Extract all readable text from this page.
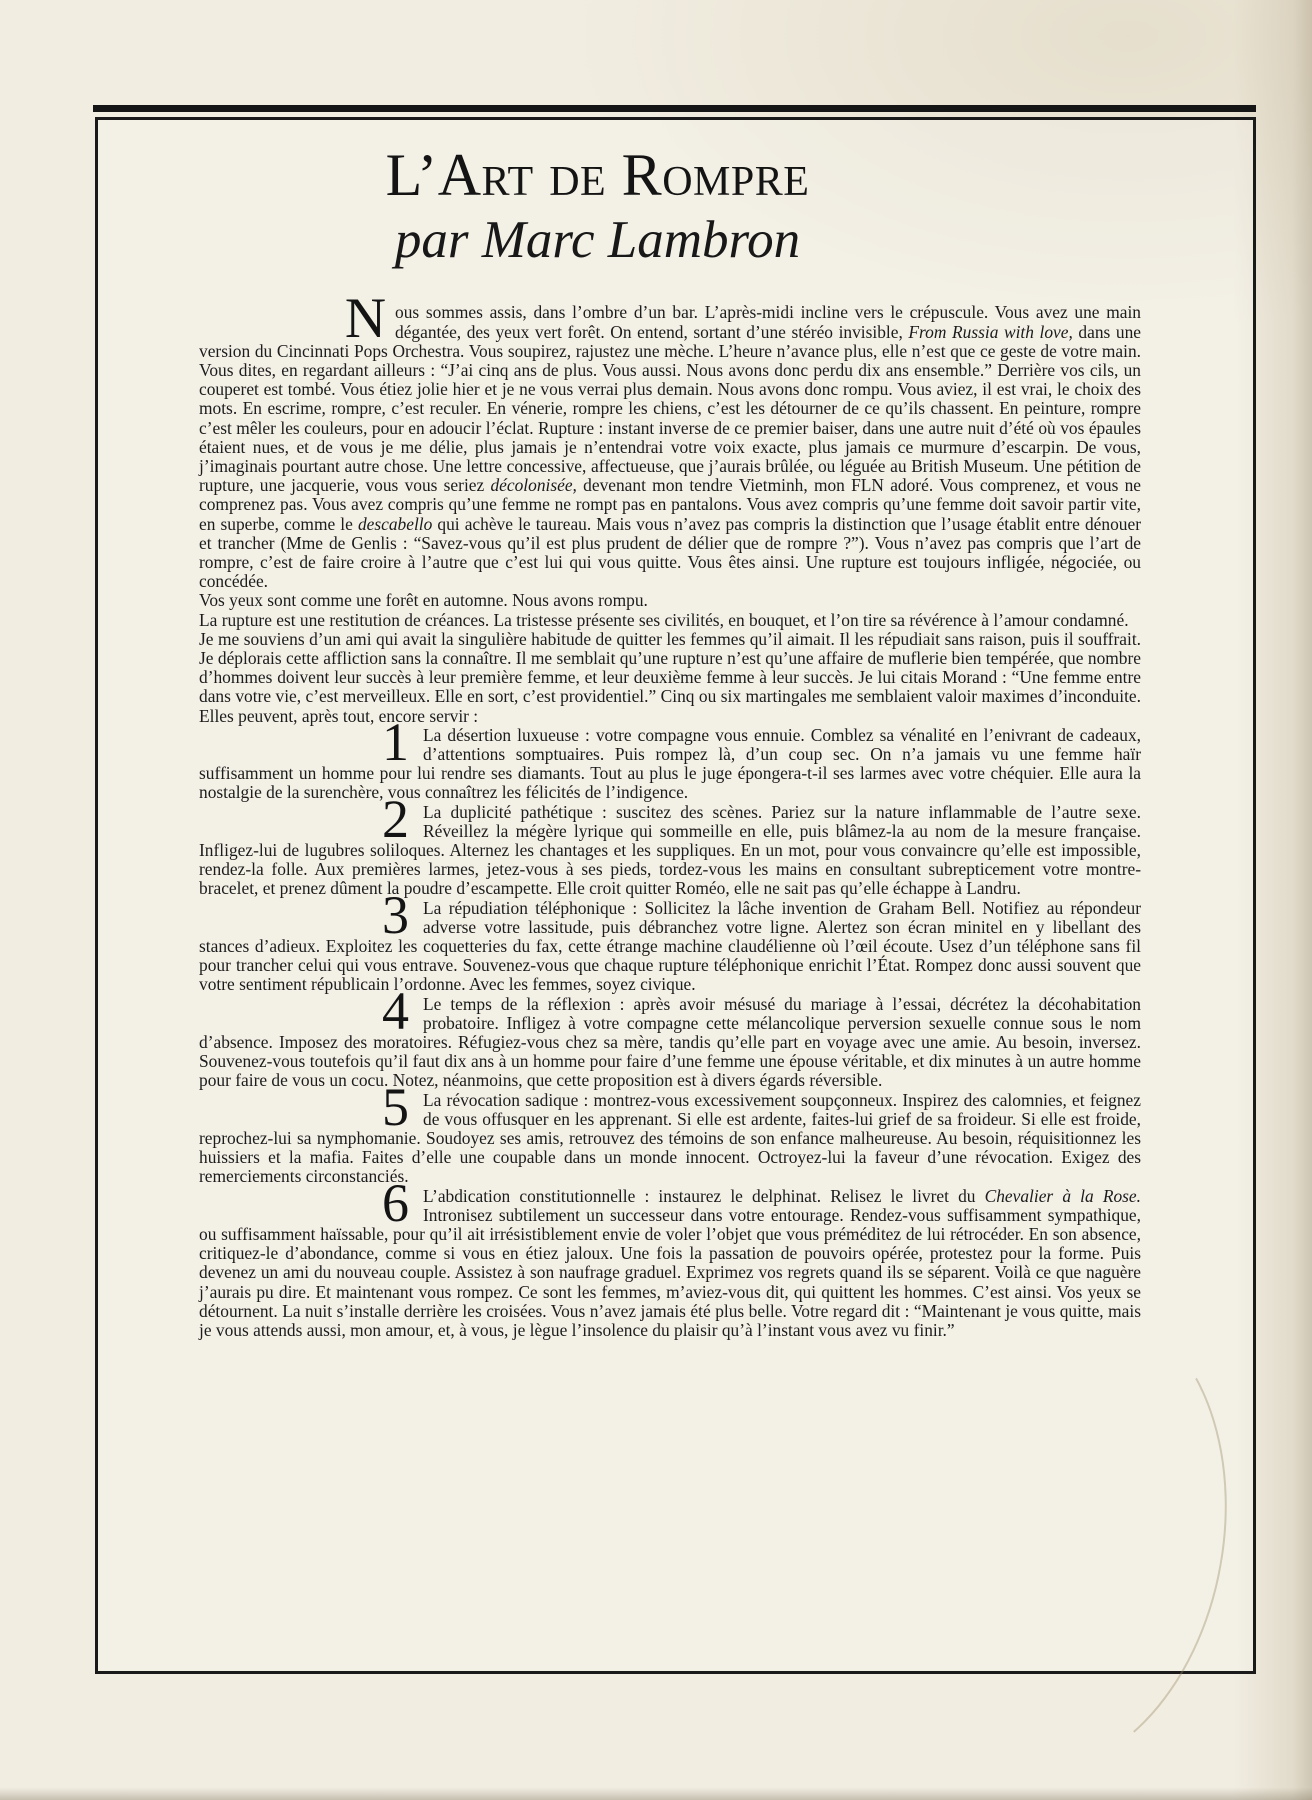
L’Art de Rompre
par Marc Lambron

N ous sommes assis, dans l’ombre d’un bar. L’après-midi incline vers le crépuscule. Vous avez une main dégantée, des yeux vert forêt. On entend, sortant d’une stéréo invisible, From Russia with love, dans une version du Cincinnati Pops Orchestra. Vous soupirez, rajustez une mèche. L’heure n’avance plus, elle n’est que ce geste de votre main. Vous dites, en regardant ailleurs : “J’ai cinq ans de plus. Vous aussi. Nous avons donc perdu dix ans ensemble.” Derrière vos cils, un couperet est tombé. Vous étiez jolie hier et je ne vous verrai plus demain. Nous avons donc rompu. Vous aviez, il est vrai, le choix des mots. En escrime, rompre, c’est reculer. En vénerie, rompre les chiens, c’est les détourner de ce qu’ils chassent. En peinture, rompre c’est mêler les couleurs, pour en adoucir l’éclat. Rupture : instant inverse de ce premier baiser, dans une autre nuit d’été où vos épaules étaient nues, et de vous je me délie, plus jamais je n’entendrai votre voix exacte, plus jamais ce murmure d’escarpin. De vous, j’imaginais pourtant autre chose. Une lettre concessive, affectueuse, que j’aurais brûlée, ou léguée au British Museum. Une pétition de rupture, une jacquerie, vous vous seriez décolonisée, devenant mon tendre Vietminh, mon FLN adoré. Vous comprenez, et vous ne comprenez pas. Vous avez compris qu’une femme ne rompt pas en pantalons. Vous avez compris qu’une femme doit savoir partir vite, en superbe, comme le descabello qui achève le taureau. Mais vous n’avez pas compris la distinction que l’usage établit entre dénouer et trancher (Mme de Genlis : “Savez-vous qu’il est plus prudent de délier que de rompre ?”). Vous n’avez pas compris que l’art de rompre, c’est de faire croire à l’autre que c’est lui qui vous quitte. Vous êtes ainsi. Une rupture est toujours infligée, négociée, ou concédée.

Vos yeux sont comme une forêt en automne. Nous avons rompu.

La rupture est une restitution de créances. La tristesse présente ses civilités, en bouquet, et l’on tire sa révérence à l’amour condamné.

Je me souviens d’un ami qui avait la singulière habitude de quitter les femmes qu’il aimait. Il les répudiait sans raison, puis il souffrait. Je déplorais cette affliction sans la connaître. Il me semblait qu’une rupture n’est qu’une affaire de muflerie bien tempérée, que nombre d’hommes doivent leur succès à leur première femme, et leur deuxième femme à leur succès. Je lui citais Morand : “Une femme entre dans votre vie, c’est merveilleux. Elle en sort, c’est providentiel.” Cinq ou six martingales me semblaient valoir maximes d’inconduite. Elles peuvent, après tout, encore servir :

1 La désertion luxueuse : votre compagne vous ennuie. Comblez sa vénalité en l’enivrant de cadeaux, d’attentions somptuaires. Puis rompez là, d’un coup sec. On n’a jamais vu une femme haïr suffisamment un homme pour lui rendre ses diamants. Tout au plus le juge épongera-t-il ses larmes avec votre chéquier. Elle aura la nostalgie de la surenchère, vous connaîtrez les félicités de l’indigence.

2 La duplicité pathétique : suscitez des scènes. Pariez sur la nature inflammable de l’autre sexe. Réveillez la mégère lyrique qui sommeille en elle, puis blâmez-la au nom de la mesure française. Infligez-lui de lugubres soliloques. Alternez les chantages et les suppliques. En un mot, pour vous convaincre qu’elle est impossible, rendez-la folle. Aux premières larmes, jetez-vous à ses pieds, tordez-vous les mains en consultant subrepticement votre montre-bracelet, et prenez dûment la poudre d’escampette. Elle croit quitter Roméo, elle ne sait pas qu’elle échappe à Landru.

3 La répudiation téléphonique : Sollicitez la lâche invention de Graham Bell. Notifiez au répondeur adverse votre lassitude, puis débranchez votre ligne. Alertez son écran minitel en y libellant des stances d’adieux. Exploitez les coquetteries du fax, cette étrange machine claudélienne où l’œil écoute. Usez d’un téléphone sans fil pour trancher celui qui vous entrave. Souvenez-vous que chaque rupture téléphonique enrichit l’État. Rompez donc aussi souvent que votre sentiment républicain l’ordonne. Avec les femmes, soyez civique.

4 Le temps de la réflexion : après avoir mésusé du mariage à l’essai, décrétez la décohabitation probatoire. Infligez à votre compagne cette mélancolique perversion sexuelle connue sous le nom d’absence. Imposez des moratoires. Réfugiez-vous chez sa mère, tandis qu’elle part en voyage avec une amie. Au besoin, inversez. Souvenez-vous toutefois qu’il faut dix ans à un homme pour faire d’une femme une épouse véritable, et dix minutes à un autre homme pour faire de vous un cocu. Notez, néanmoins, que cette proposition est à divers égards réversible.

5 La révocation sadique : montrez-vous excessivement soupçonneux. Inspirez des calomnies, et feignez de vous offusquer en les apprenant. Si elle est ardente, faites-lui grief de sa froideur. Si elle est froide, reprochez-lui sa nymphomanie. Soudoyez ses amis, retrouvez des témoins de son enfance malheureuse. Au besoin, réquisitionnez les huissiers et la mafia. Faites d’elle une coupable dans un monde innocent. Octroyez-lui la faveur d’une révocation. Exigez des remerciements circonstanciés.

6 L’abdication constitutionnelle : instaurez le delphinat. Relisez le livret du Chevalier à la Rose. Intronisez subtilement un successeur dans votre entourage. Rendez-vous suffisamment sympathique, ou suffisamment haïssable, pour qu’il ait irrésistiblement envie de voler l’objet que vous préméditez de lui rétrocéder. En son absence, critiquez-le d’abondance, comme si vous en étiez jaloux. Une fois la passation de pouvoirs opérée, protestez pour la forme. Puis devenez un ami du nouveau couple. Assistez à son naufrage graduel. Exprimez vos regrets quand ils se séparent. Voilà ce que naguère j’aurais pu dire. Et maintenant vous rompez. Ce sont les femmes, m’aviez-vous dit, qui quittent les hommes. C’est ainsi. Vos yeux se détournent. La nuit s’installe derrière les croisées. Vous n’avez jamais été plus belle. Votre regard dit : “Maintenant je vous quitte, mais je vous attends aussi, mon amour, et, à vous, je lègue l’insolence du plaisir qu’à l’instant vous avez vu finir.”
